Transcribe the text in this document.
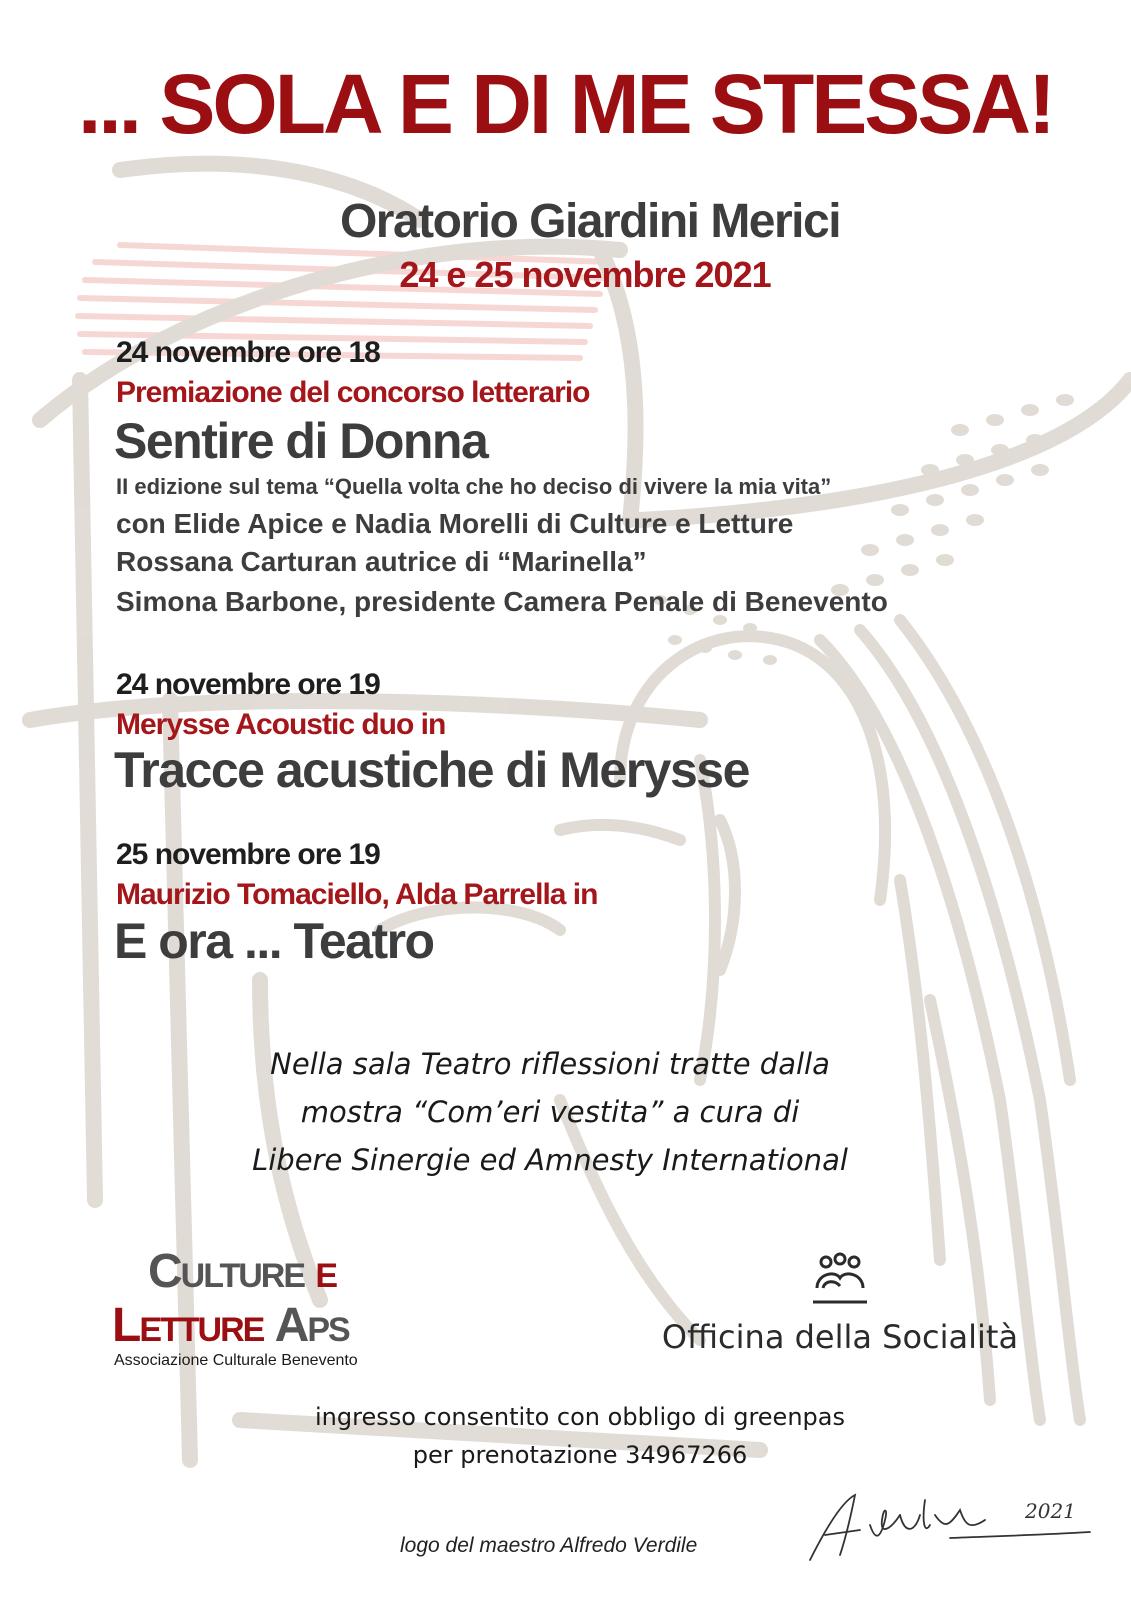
... SOLA E DI ME STESSA!
Oratorio Giardini Merici
24 e 25 novembre 2021
24 novembre ore 18
Premiazione del concorso letterario
Sentire di Donna
II edizione sul tema “Quella volta che ho deciso di vivere la mia vita”
con Elide Apice e Nadia Morelli di Culture e Letture
Rossana Carturan autrice di “Marinella”
Simona Barbone, presidente Camera Penale di Benevento
24 novembre ore 19
Merysse Acoustic duo in
Tracce acustiche di Merysse
25 novembre ore 19
Maurizio Tomaciello, Alda Parrella in
E ora ... Teatro
Nella sala Teatro riflessioni tratte dalla
mostra “Com’eri vestita” a cura di
Libere Sinergie ed Amnesty International
Culture e
Letture Aps
Associazione Culturale Benevento
Officina della Socialità
ingresso consentito con obbligo di greenpas
per prenotazione 34967266
logo del maestro Alfredo Verdile
2021
